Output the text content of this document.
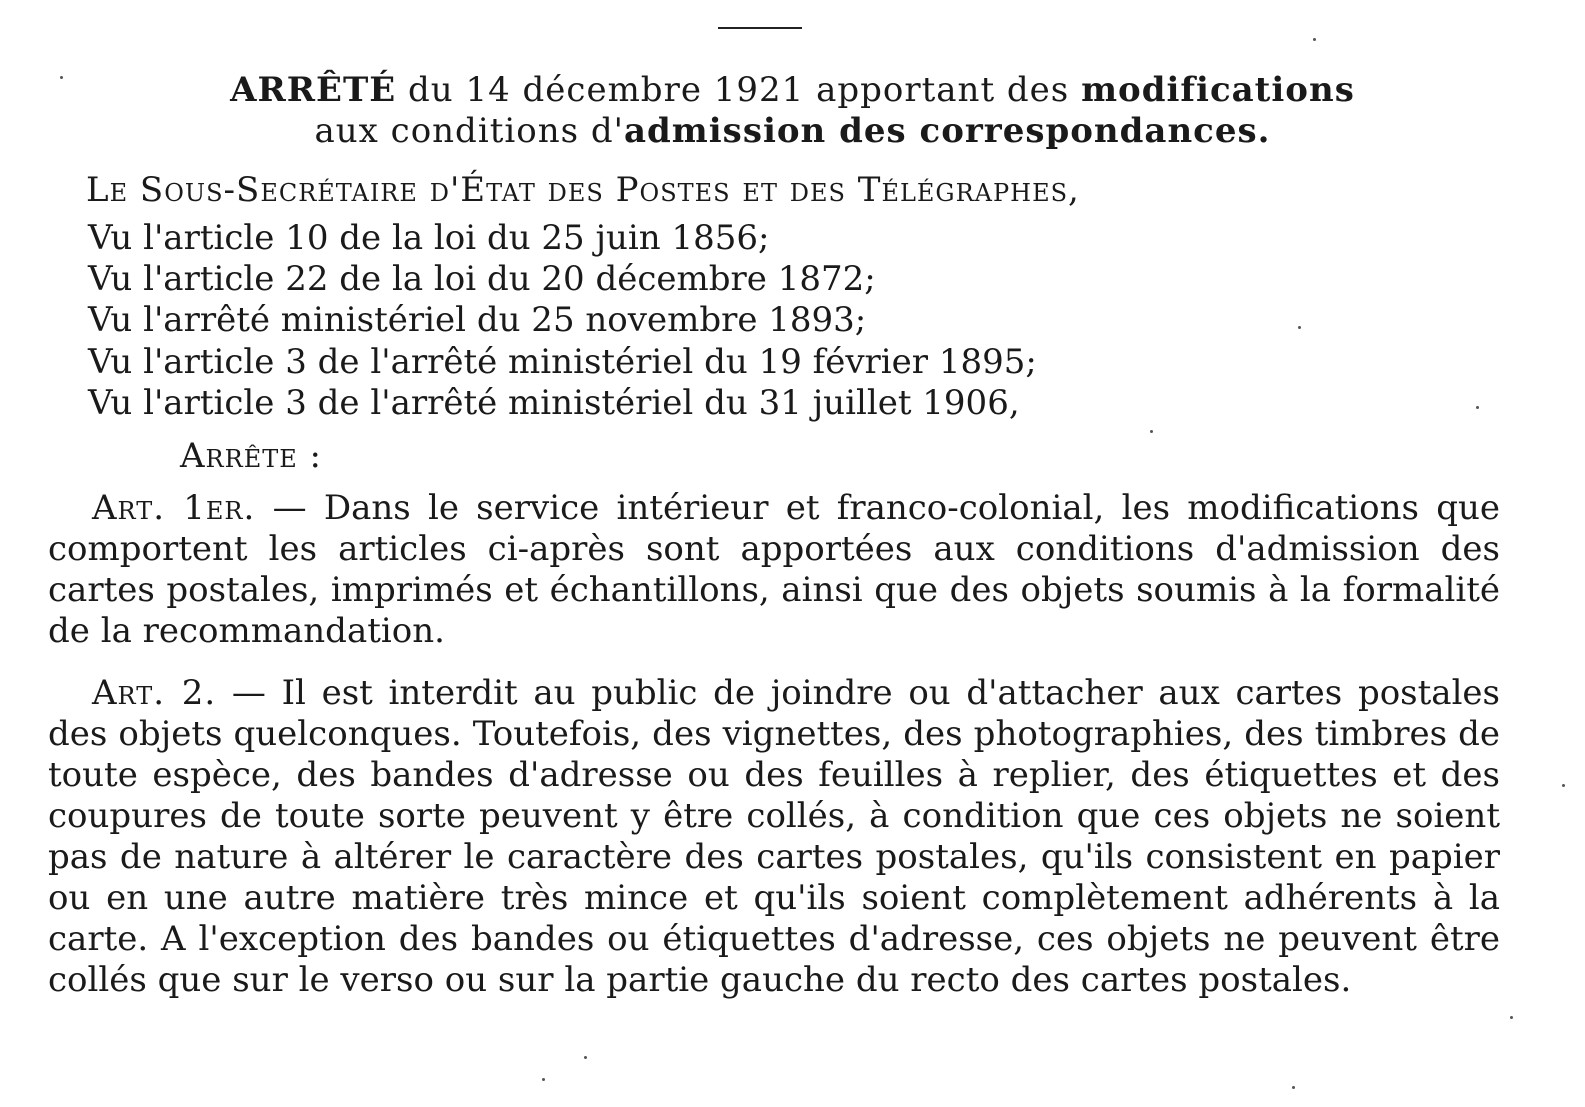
ARRÊTÉ du 14 décembre 1921 apportant des modifications
aux conditions d'admission des correspondances.
Le Sous-Secrétaire d'État des Postes et des Télégraphes,
Vu l'article 10 de la loi du 25 juin 1856;
Vu l'article 22 de la loi du 20 décembre 1872;
Vu l'arrêté ministériel du 25 novembre 1893;
Vu l'article 3 de l'arrêté ministériel du 19 février 1895;
Vu l'article 3 de l'arrêté ministériel du 31 juillet 1906,
Arrête :
Art. 1er. — Dans le service intérieur et franco-colonial, les modifications que comportent les articles ci-après sont apportées aux conditions d'admission des cartes postales, imprimés et échantillons, ainsi que des objets soumis à la formalité de la recommandation.
Art. 2. — Il est interdit au public de joindre ou d'attacher aux cartes postales des objets quelconques. Toutefois, des vignettes, des photographies, des timbres de toute espèce, des bandes d'adresse ou des feuilles à replier, des étiquettes et des coupures de toute sorte peuvent y être collés, à condition que ces objets ne soient pas de nature à altérer le caractère des cartes postales, qu'ils consistent en papier ou en une autre matière très mince et qu'ils soient complètement adhérents à la carte. A l'exception des bandes ou étiquettes d'adresse, ces objets ne peuvent être collés que sur le verso ou sur la partie gauche du recto des cartes postales.
